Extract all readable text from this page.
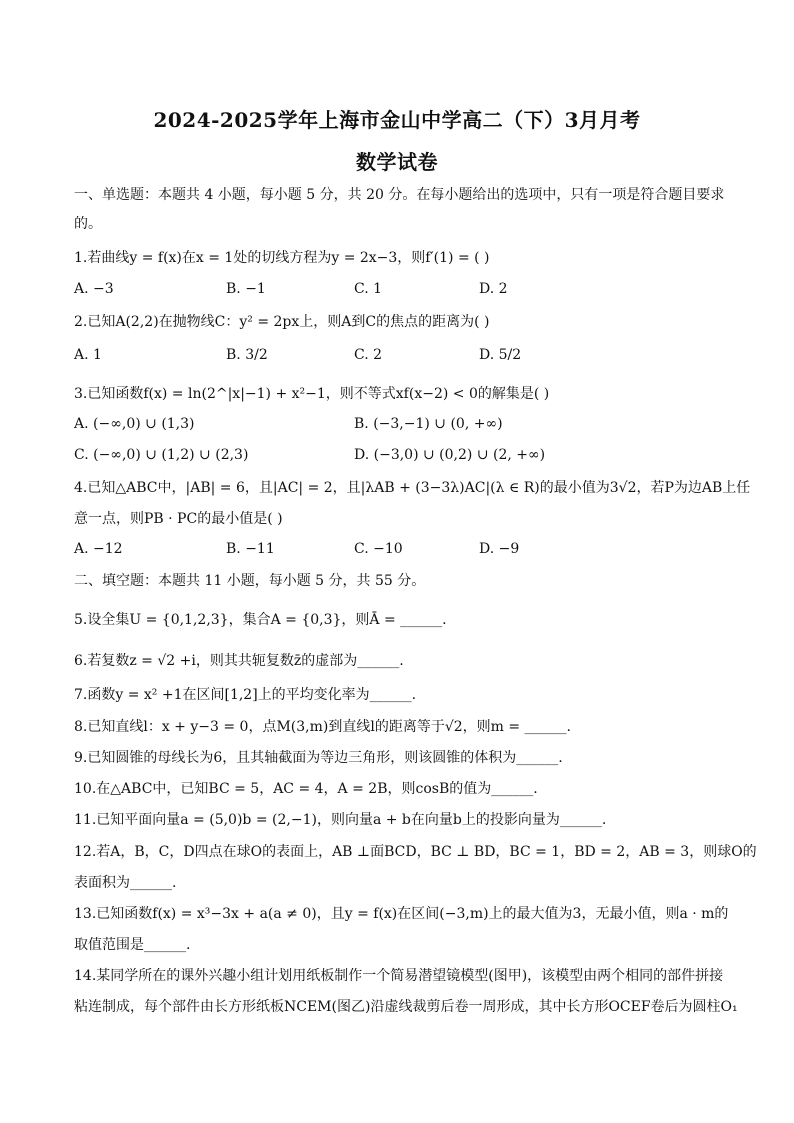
2024-2025学年上海市金山中学高二（下）3月月考
数学试卷
一、单选题：本题共 4 小题，每小题 5 分，共 20 分。在每小题给出的选项中，只有一项是符合题目要求
的。
1.若曲线y = f(x)在x = 1处的切线方程为y = 2x−3，则f′(1) = ( )
A. −3	B. −1	C. 1	D. 2
2.已知A(2,2)在抛物线C：y² = 2px上，则A到C的焦点的距离为( )
A. 1	B. 3/2	C. 2	D. 5/2
3.已知函数f(x) = ln(2^|x|−1) + x²−1，则不等式xf(x−2) < 0的解集是( )
A. (−∞,0) ∪ (1,3)	B. (−3,−1) ∪ (0, +∞)
C. (−∞,0) ∪ (1,2) ∪ (2,3)	D. (−3,0) ∪ (0,2) ∪ (2, +∞)
4.已知△ABC中，|AB| = 6，且|AC| = 2，且|λAB + (3−3λ)AC|(λ ∈ R)的最小值为3√2，若P为边AB上任
意一点，则PB · PC的最小值是( )
A. −12	B. −11	C. −10	D. −9
二、填空题：本题共 11 小题，每小题 5 分，共 55 分。
5.设全集U = {0,1,2,3}，集合A = {0,3}，则Ā = ______.
6.若复数z = √2 +i，则其共轭复数z̄的虚部为______.
7.函数y = x² +1在区间[1,2]上的平均变化率为______.
8.已知直线l：x + y−3 = 0，点M(3,m)到直线l的距离等于√2，则m = ______.
9.已知圆锥的母线长为6，且其轴截面为等边三角形，则该圆锥的体积为______.
10.在△ABC中，已知BC = 5，AC = 4，A = 2B，则cosB的值为______.
11.已知平面向量a = (5,0)b = (2,−1)，则向量a + b在向量b上的投影向量为______.
12.若A，B，C，D四点在球O的表面上，AB ⊥面BCD，BC ⊥ BD，BC = 1，BD = 2，AB = 3，则球O的
表面积为______.
13.已知函数f(x) = x³−3x + a(a ≠ 0)，且y = f(x)在区间(−3,m)上的最大值为3，无最小值，则a · m的
取值范围是______.
14.某同学所在的课外兴趣小组计划用纸板制作一个简易潜望镜模型(图甲)，该模型由两个相同的部件拼接
粘连制成，每个部件由长方形纸板NCEM(图乙)沿虚线裁剪后卷一周形成，其中长方形OCEF卷后为圆柱O₁
